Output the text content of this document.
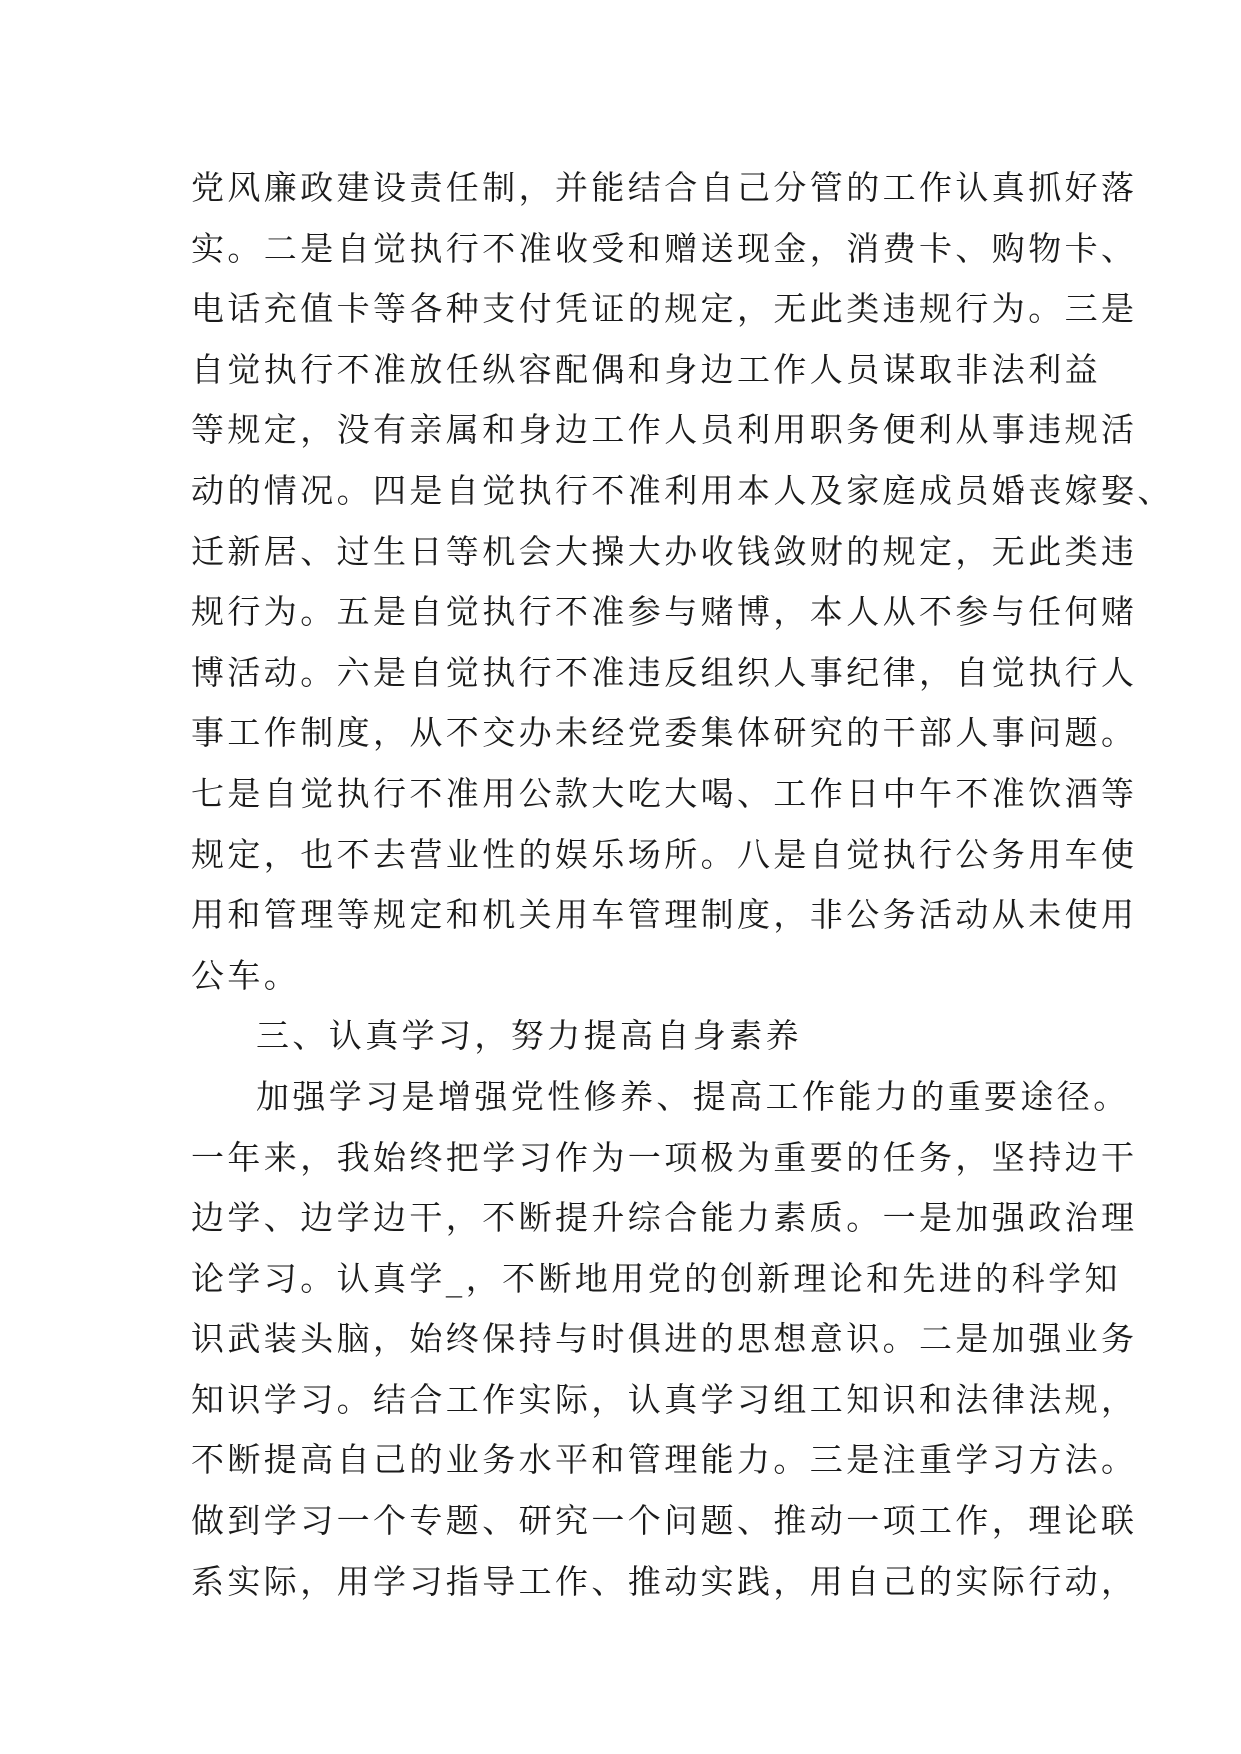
党风廉政建设责任制，并能结合自己分管的工作认真抓好落
实。二是自觉执行不准收受和赠送现金，消费卡、购物卡、
电话充值卡等各种支付凭证的规定，无此类违规行为。三是
自觉执行不准放任纵容配偶和身边工作人员谋取非法利益
等规定，没有亲属和身边工作人员利用职务便利从事违规活
动的情况。四是自觉执行不准利用本人及家庭成员婚丧嫁娶、
迁新居、过生日等机会大操大办收钱敛财的规定，无此类违
规行为。五是自觉执行不准参与赌博，本人从不参与任何赌
博活动。六是自觉执行不准违反组织人事纪律，自觉执行人
事工作制度，从不交办未经党委集体研究的干部人事问题。
七是自觉执行不准用公款大吃大喝、工作日中午不准饮酒等
规定，也不去营业性的娱乐场所。八是自觉执行公务用车使
用和管理等规定和机关用车管理制度，非公务活动从未使用
公车。
三、认真学习，努力提高自身素养
加强学习是增强党性修养、提高工作能力的重要途径。
一年来，我始终把学习作为一项极为重要的任务，坚持边干
边学、边学边干，不断提升综合能力素质。一是加强政治理
论学习。认真学_，不断地用党的创新理论和先进的科学知
识武装头脑，始终保持与时俱进的思想意识。二是加强业务
知识学习。结合工作实际，认真学习组工知识和法律法规，
不断提高自己的业务水平和管理能力。三是注重学习方法。
做到学习一个专题、研究一个问题、推动一项工作，理论联
系实际，用学习指导工作、推动实践，用自己的实际行动，
